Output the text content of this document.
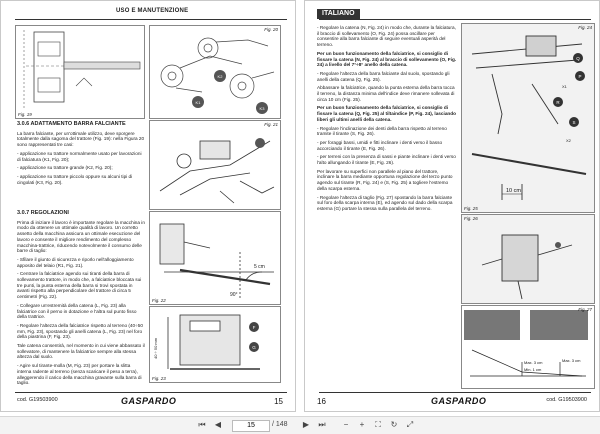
USO E MANUTENZIONE
Fig. 19
K1
K2
K3
Fig. 20
3.0.6 ADATTAMENTO BARRA FALCIANTE

La barra falciante, per un'ottimale utilizzo, deve sporgere totalmente dalla sagoma del trattore (Fig. 19): nella Figura 20 sono rappresentati tre casi:

- applicazione su trattore normalmente usato per lavorazioni di falciatura (K1, Fig. 20);

- applicazione su trattore grande (K2, Fig. 20);

- applicazione su trattore piccolo oppure su alcuni tipi di cingolati (K3, Fig. 20).

Fig. 21
3.0.7 REGOLAZIONI

Prima di iniziare il lavoro è importante regolare la macchina in modo da ottenere un ottimale qualità di lavoro. Un corretto assetto della macchina assicura un ottimale esecuzione del lavoro e consente il migliore rendimento del complesso macchina-trattrice, riducendo notevolmente il consumo delle barre di taglio:

- Sfilare il giunto di sicurezza e riporlo nell'alloggiamento apposito del telaio (R1, Fig. 21).

- Centrare la falciatrice agendo sui tiranti della barra di sollevamento trattore, in modo che, a falciatrice bloccata sui tre punti, la punta esterna della barra si trovi spostata in avanti rispetto alla perpendicolare del trattore di circa 5 centimetri (Fig. 22).

- Collegare un'estremità della catena (L, Fig. 23) alla falciatrice con il perno in dotazione e l'altra sul punto fisso della trattrice.

- Regolare l'altezza della falciatrice rispetto al terreno (40÷50 mm, Fig. 23), spostando gli anelli catena (L, Fig. 23) nel foro della piastrina (F, Fig. 23).

Tale catena consentirà, nel momento in cui viene abbassato il sollevatore, di mantenere la falciatrice sempre alla stessa altezza dal suolo.

- Agire sul tirante-molla (M, Fig. 23) per portare la slitta interna radente al terreno (senza scaricare il peso a terra), alleggerendo il carico della macchina gravante sulla barra di taglio.

5 cm
90°
Fig. 22
40 ÷ 50 mm
F
G
Fig. 23
cod. G19503900	GASPARDO	15
ITALIANO

- Regolare la catena (N, Fig. 24) in modo che, durante la falciatura, il braccio di sollevamento (O, Fig. 24) possa oscillare per consentire alla barra falciante di seguire eventuali asperità del terreno.

Per un buon funzionamento della falciatrice, si consiglio di fissare la catena (N, Fig. 24) al braccio di sollevamento (O, Fig. 24) a livello del 7°÷8° anello della catena.

- Regolare l'altezza della barra falciante dal suolo, spostando gli anelli della catena (Q, Fig. 25).

Abbassare la falciatrice, quando la punta esterna della barra tocca il terreno, la distanza minima dell'indice deve rimanere sollevata di circa 10 cm (Fig. 25).

Per un buon funzionamento della falciatrice, si consiglio di fissare la catena (Q, Fig. 25) al tiltaindice (P, Fig. 24), lasciando liberi gli ultimi anelli della catena.

- Regolare l'inclinazione dei denti della barra rispetto al terreno tramite il tirante (S, Fig. 26).

- per foraggi bassi, umidi e fitti inclinare i denti verso il basso accorciando il tirante (E, Fig. 26).

- per terreni con la presenza di sassi e piante inclinare i denti verso l'alto allungando il tirante (E, Fig. 26).

Per lavorare su superfici non parallele al piano del trattore, inclinare la barra mediante opportuna regolazione del terzo punto agendo sul tirante (R, Fig. 24) e (S, Fig. 25) a togliere l'estremo della scarpa esterna.

- Regolare l'altezza di taglio (Fig. 27) spostando la barra falciante sul foro della scarpa interna (E), ed agendo sul dado della scarpa esterna (G) portare la stessa sulla parallela del terreno.

10 cm
Q
P
R
S
X1
X2
Fig. 24
Fig. 25
Fig. 26
Max. 3 cm
Min. 1 cm
Max. 3 cm
Fig. 27
16	GASPARDO	cod. G19503900
⏮	◀	15	/ 148	▶	⏭	−	+	⛶	↻	⤢
